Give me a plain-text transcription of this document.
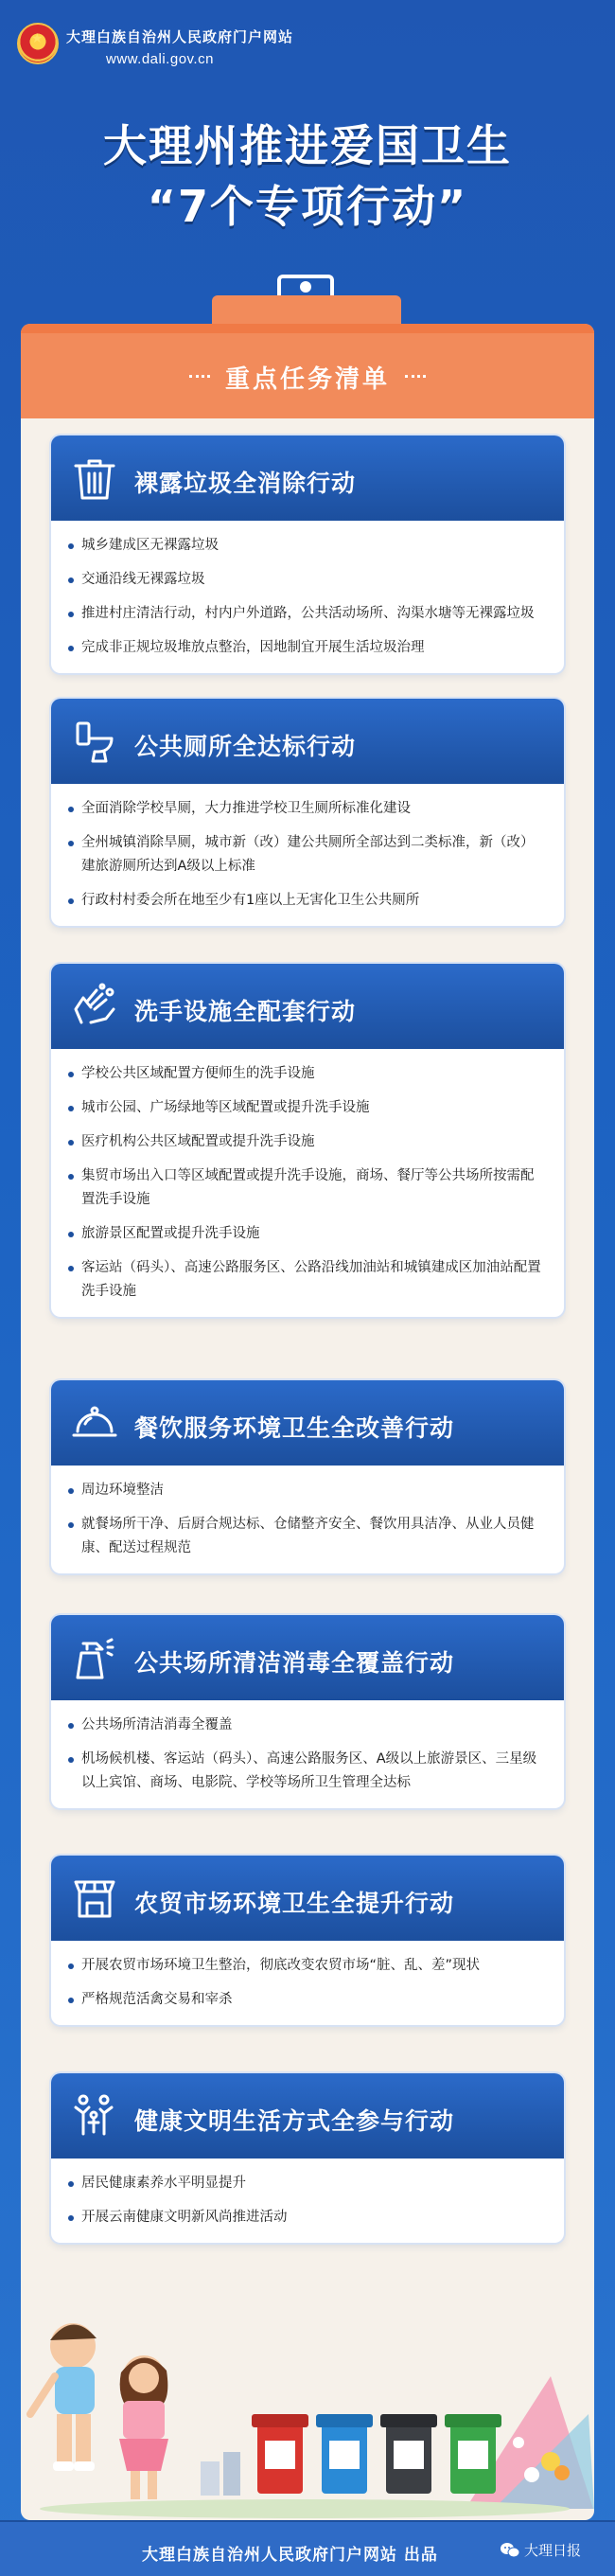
★
大理白族自治州人民政府门户网站
www.dali.gov.cn
大理州推进爱国卫生
“7个专项行动”
重点任务清单
裸露垃圾全消除行动
城乡建成区无裸露垃圾
交通沿线无裸露垃圾
推进村庄清洁行动，村内户外道路，公共活动场所、沟渠水塘等无裸露垃圾
完成非正规垃圾堆放点整治，因地制宜开展生活垃圾治理
公共厕所全达标行动
全面消除学校旱厕，大力推进学校卫生厕所标准化建设
全州城镇消除旱厕，城市新（改）建公共厕所全部达到二类标准，新（改）建旅游厕所达到A级以上标准
行政村村委会所在地至少有1座以上无害化卫生公共厕所
洗手设施全配套行动
学校公共区域配置方便师生的洗手设施
城市公园、广场绿地等区域配置或提升洗手设施
医疗机构公共区域配置或提升洗手设施
集贸市场出入口等区域配置或提升洗手设施，商场、餐厅等公共场所按需配置洗手设施
旅游景区配置或提升洗手设施
客运站（码头）、高速公路服务区、公路沿线加油站和城镇建成区加油站配置洗手设施
餐饮服务环境卫生全改善行动
周边环境整洁
就餐场所干净、后厨合规达标、仓储整齐安全、餐饮用具洁净、从业人员健康、配送过程规范
公共场所清洁消毒全覆盖行动
公共场所清洁消毒全覆盖
机场候机楼、客运站（码头）、高速公路服务区、A级以上旅游景区、三星级以上宾馆、商场、电影院、学校等场所卫生管理全达标
农贸市场环境卫生全提升行动
开展农贸市场环境卫生整治，彻底改变农贸市场“脏、乱、差”现状
严格规范活禽交易和宰杀
健康文明生活方式全参与行动
居民健康素养水平明显提升
开展云南健康文明新风尚推进活动
大理白族自治州人民政府门户网站 出品	大理日报
